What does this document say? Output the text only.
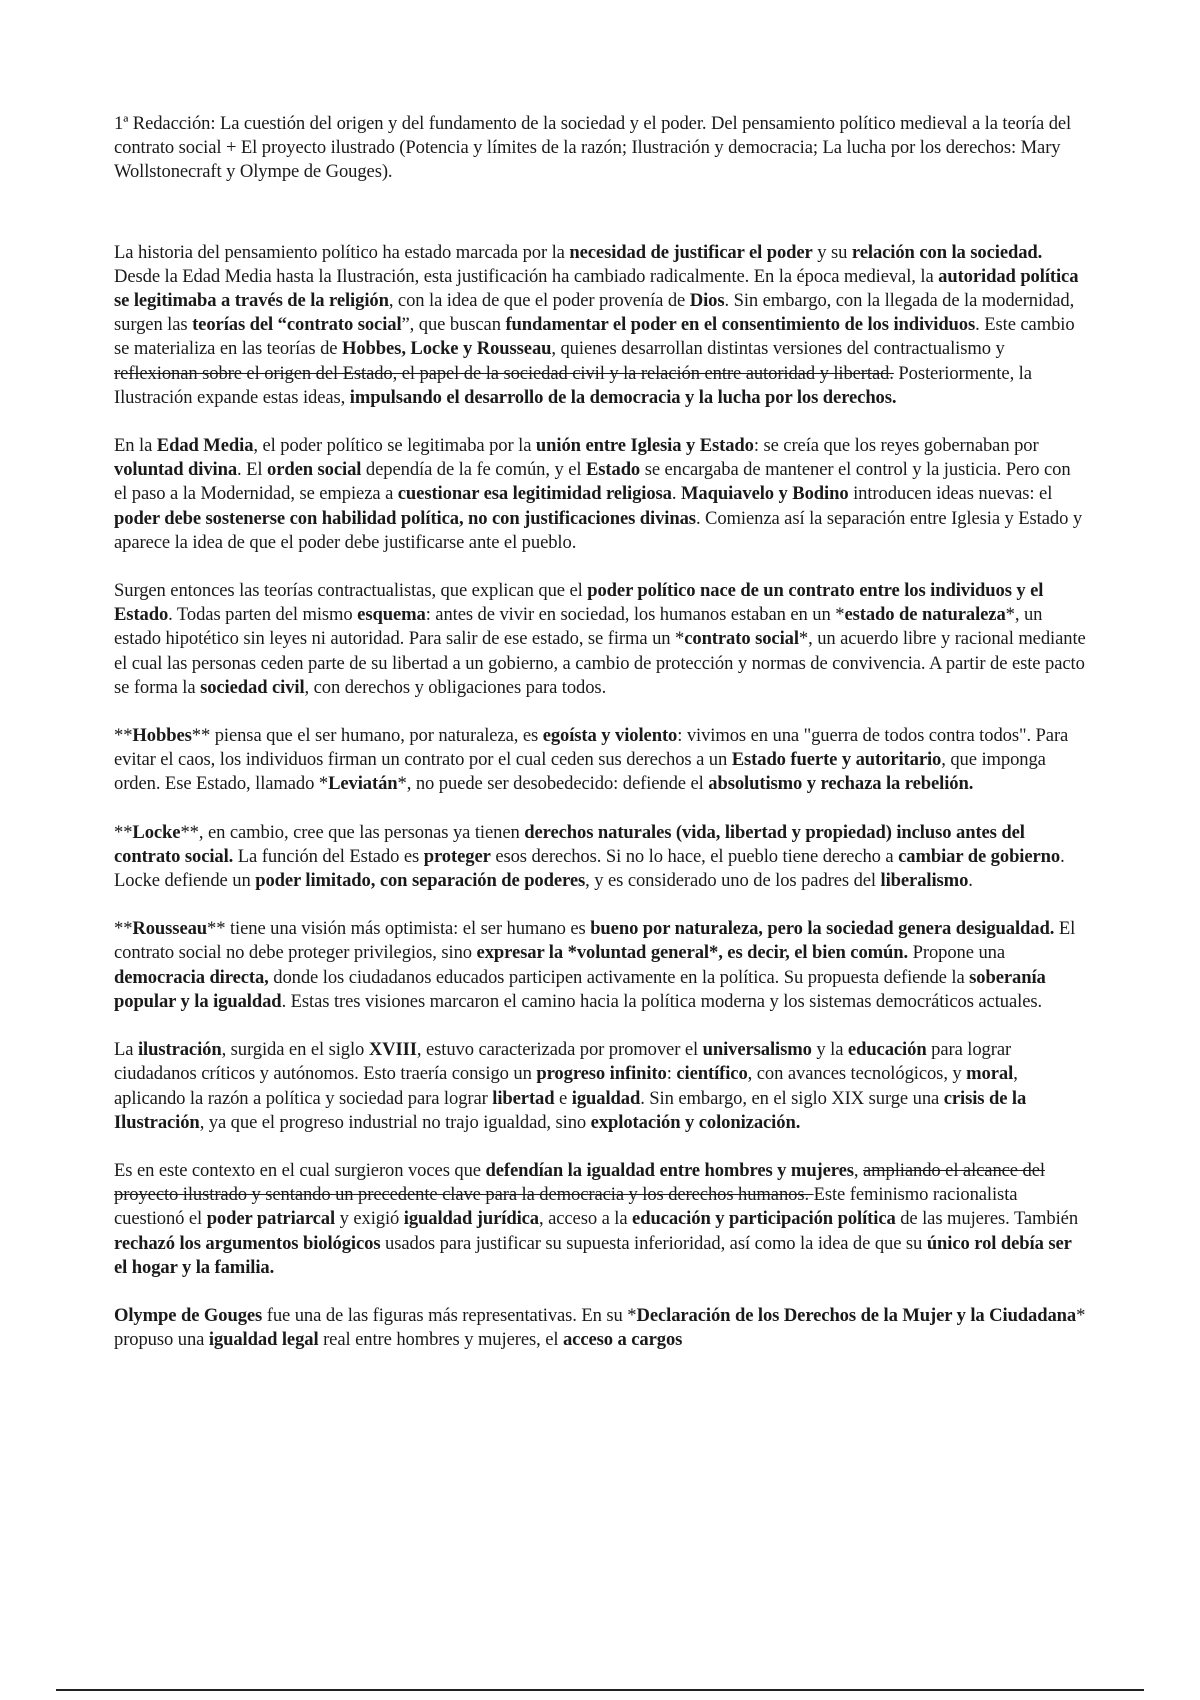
1ª Redacción: La cuestión del origen y del fundamento de la sociedad y el poder. Del pensamiento político medieval a la teoría del contrato social + El proyecto ilustrado (Potencia y límites de la razón; Ilustración y democracia; La lucha por los derechos: Mary Wollstonecraft y Olympe de Gouges).

La historia del pensamiento político ha estado marcada por la necesidad de justificar el poder y su relación con la sociedad. Desde la Edad Media hasta la Ilustración, esta justificación ha cambiado radicalmente. En la época medieval, la autoridad política se legitimaba a través de la religión, con la idea de que el poder provenía de Dios. Sin embargo, con la llegada de la modernidad, surgen las teorías del “contrato social”, que buscan fundamentar el poder en el consentimiento de los individuos. Este cambio se materializa en las teorías de Hobbes, Locke y Rousseau, quienes desarrollan distintas versiones del contractualismo y reflexionan sobre el origen del Estado, el papel de la sociedad civil y la relación entre autoridad y libertad. Posteriormente, la Ilustración expande estas ideas, impulsando el desarrollo de la democracia y la lucha por los derechos.

En la Edad Media, el poder político se legitimaba por la unión entre Iglesia y Estado: se creía que los reyes gobernaban por voluntad divina. El orden social dependía de la fe común, y el Estado se encargaba de mantener el control y la justicia. Pero con el paso a la Modernidad, se empieza a cuestionar esa legitimidad religiosa. Maquiavelo y Bodino introducen ideas nuevas: el poder debe sostenerse con habilidad política, no con justificaciones divinas. Comienza así la separación entre Iglesia y Estado y aparece la idea de que el poder debe justificarse ante el pueblo.

Surgen entonces las teorías contractualistas, que explican que el poder político nace de un contrato entre los individuos y el Estado. Todas parten del mismo esquema: antes de vivir en sociedad, los humanos estaban en un *estado de naturaleza*, un estado hipotético sin leyes ni autoridad. Para salir de ese estado, se firma un *contrato social*, un acuerdo libre y racional mediante el cual las personas ceden parte de su libertad a un gobierno, a cambio de protección y normas de convivencia. A partir de este pacto se forma la sociedad civil, con derechos y obligaciones para todos.

**Hobbes** piensa que el ser humano, por naturaleza, es egoísta y violento: vivimos en una "guerra de todos contra todos". Para evitar el caos, los individuos firman un contrato por el cual ceden sus derechos a un Estado fuerte y autoritario, que imponga orden. Ese Estado, llamado *Leviatán*, no puede ser desobedecido: defiende el absolutismo y rechaza la rebelión.

**Locke**, en cambio, cree que las personas ya tienen derechos naturales (vida, libertad y propiedad) incluso antes del contrato social. La función del Estado es proteger esos derechos. Si no lo hace, el pueblo tiene derecho a cambiar de gobierno. Locke defiende un poder limitado, con separación de poderes, y es considerado uno de los padres del liberalismo.

**Rousseau** tiene una visión más optimista: el ser humano es bueno por naturaleza, pero la sociedad genera desigualdad. El contrato social no debe proteger privilegios, sino expresar la *voluntad general*, es decir, el bien común. Propone una democracia directa, donde los ciudadanos educados participen activamente en la política. Su propuesta defiende la soberanía popular y la igualdad. Estas tres visiones marcaron el camino hacia la política moderna y los sistemas democráticos actuales.

La ilustración, surgida en el siglo XVIII, estuvo caracterizada por promover el universalismo y la educación para lograr ciudadanos críticos y autónomos. Esto traería consigo un progreso infinito: científico, con avances tecnológicos, y moral, aplicando la razón a política y sociedad para lograr libertad e igualdad. Sin embargo, en el siglo XIX surge una crisis de la Ilustración, ya que el progreso industrial no trajo igualdad, sino explotación y colonización.

Es en este contexto en el cual surgieron voces que defendían la igualdad entre hombres y mujeres, ampliando el alcance del proyecto ilustrado y sentando un precedente clave para la democracia y los derechos humanos. Este feminismo racionalista cuestionó el poder patriarcal y exigió igualdad jurídica, acceso a la educación y participación política de las mujeres. También rechazó los argumentos biológicos usados para justificar su supuesta inferioridad, así como la idea de que su único rol debía ser el hogar y la familia.

Olympe de Gouges fue una de las figuras más representativas. En su *Declaración de los Derechos de la Mujer y la Ciudadana* propuso una igualdad legal real entre hombres y mujeres, el acceso a cargos
